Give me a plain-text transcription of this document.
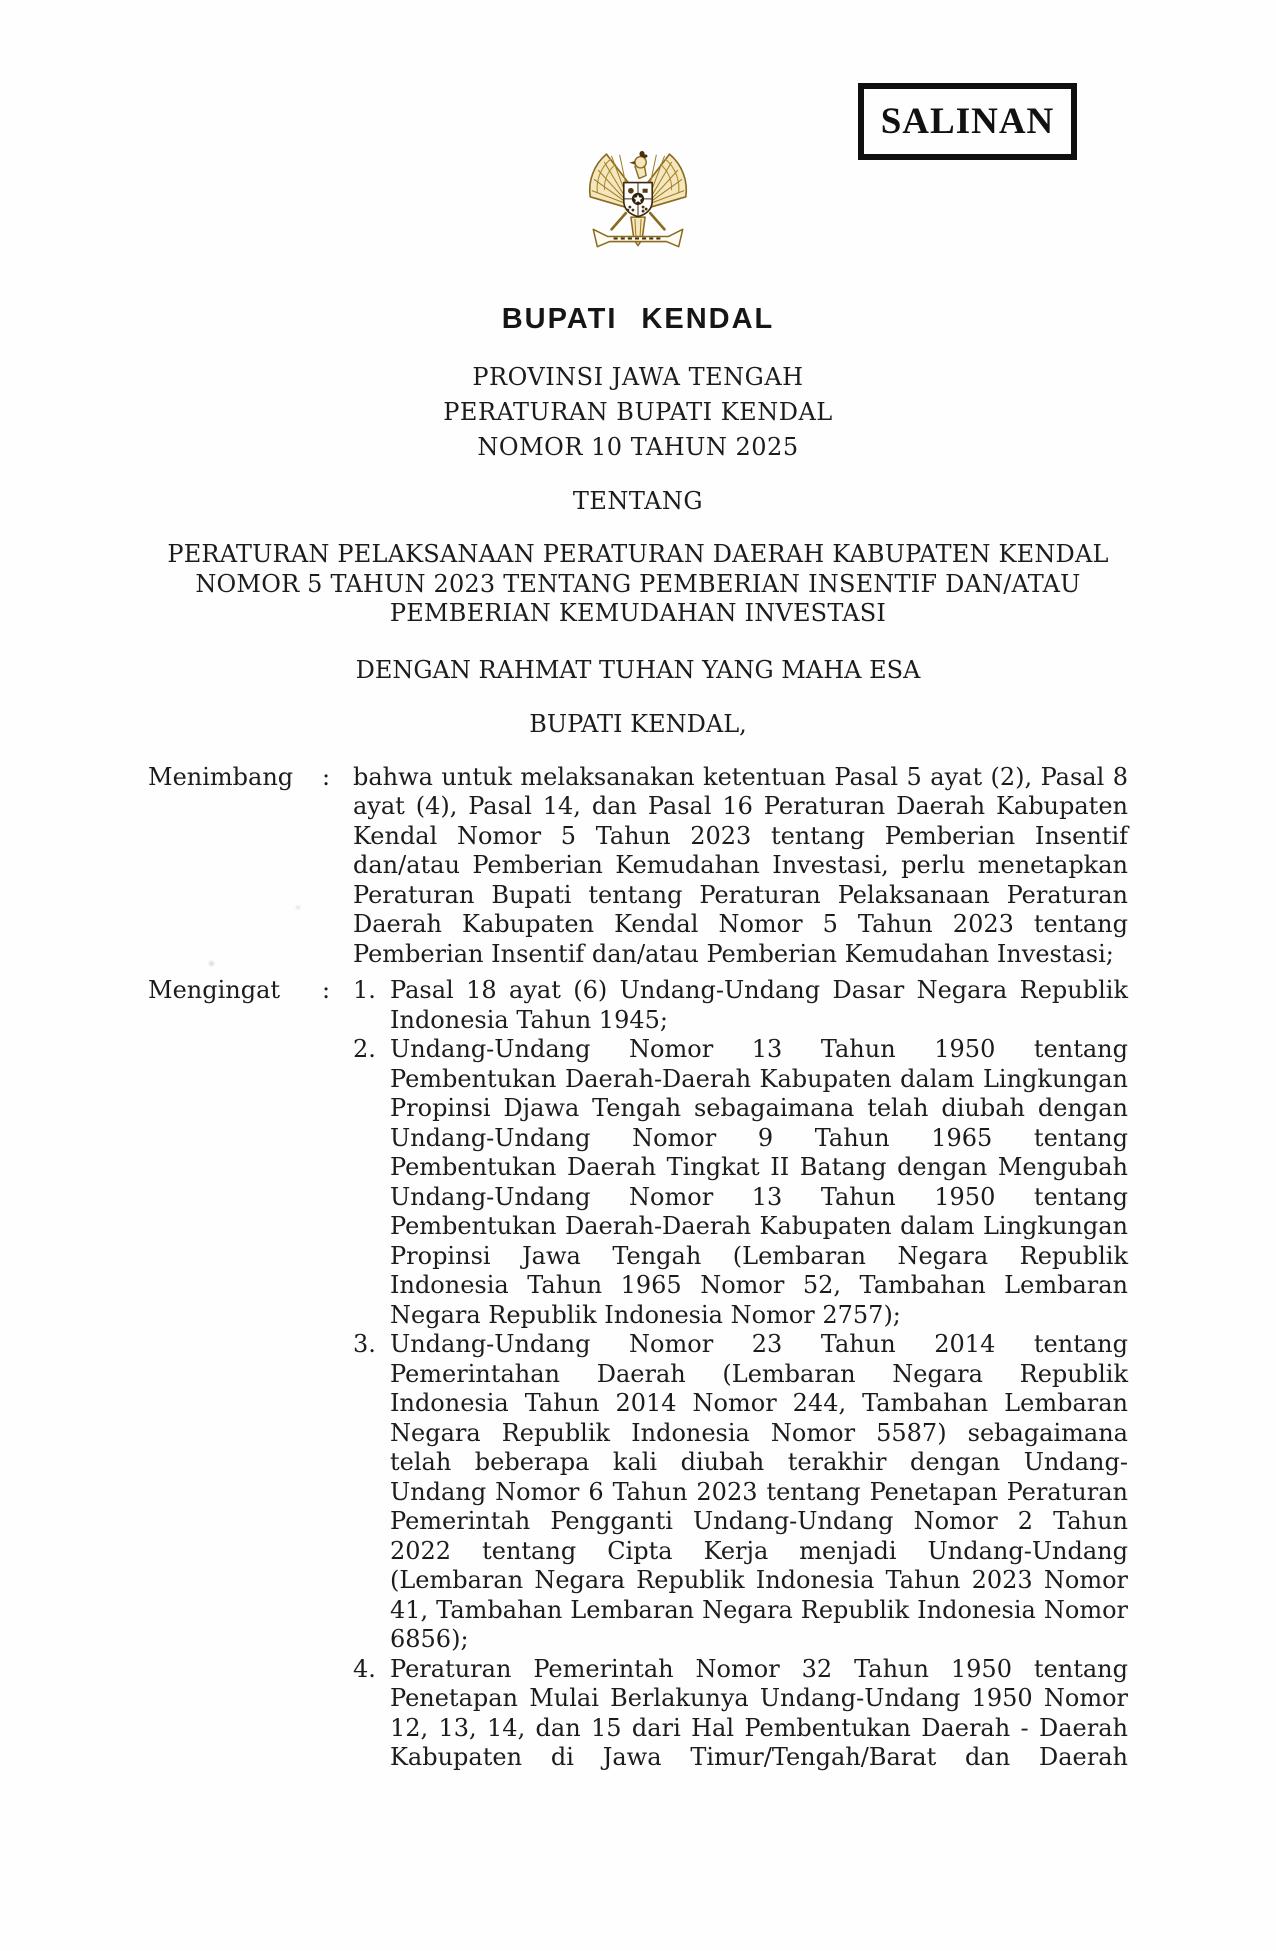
SALINAN
BUPATI KENDAL
PROVINSI JAWA TENGAH
PERATURAN BUPATI KENDAL
NOMOR 10 TAHUN 2025
TENTANG
PERATURAN PELAKSANAAN PERATURAN DAERAH KABUPATEN KENDAL
NOMOR 5 TAHUN 2023 TENTANG PEMBERIAN INSENTIF DAN/ATAU
PEMBERIAN KEMUDAHAN INVESTASI
DENGAN RAHMAT TUHAN YANG MAHA ESA
BUPATI KENDAL,
Menimbang	: bahwa untuk melaksanakan ketentuan Pasal 5 ayat (2), Pasal 8 ayat (4), Pasal 14, dan Pasal 16 Peraturan Daerah Kabupaten Kendal Nomor 5 Tahun 2023 tentang Pemberian Insentif dan/atau Pemberian Kemudahan Investasi, perlu menetapkan Peraturan Bupati tentang Peraturan Pelaksanaan Peraturan Daerah Kabupaten Kendal Nomor 5 Tahun 2023 tentang Pemberian Insentif dan/atau Pemberian Kemudahan Investasi;
Mengingat	: 1. Pasal 18 ayat (6) Undang-Undang Dasar Negara Republik Indonesia Tahun 1945;
2. Undang-Undang Nomor 13 Tahun 1950 tentang Pembentukan Daerah-Daerah Kabupaten dalam Lingkungan Propinsi Djawa Tengah sebagaimana telah diubah dengan Undang-Undang Nomor 9 Tahun 1965 tentang Pembentukan Daerah Tingkat II Batang dengan Mengubah Undang-Undang Nomor 13 Tahun 1950 tentang Pembentukan Daerah-Daerah Kabupaten dalam Lingkungan Propinsi Jawa Tengah (Lembaran Negara Republik Indonesia Tahun 1965 Nomor 52, Tambahan Lembaran Negara Republik Indonesia Nomor 2757);
3. Undang-Undang Nomor 23 Tahun 2014 tentang Pemerintahan Daerah (Lembaran Negara Republik Indonesia Tahun 2014 Nomor 244, Tambahan Lembaran Negara Republik Indonesia Nomor 5587) sebagaimana telah beberapa kali diubah terakhir dengan Undang-Undang Nomor 6 Tahun 2023 tentang Penetapan Peraturan Pemerintah Pengganti Undang-Undang Nomor 2 Tahun 2022 tentang Cipta Kerja menjadi Undang-Undang (Lembaran Negara Republik Indonesia Tahun 2023 Nomor 41, Tambahan Lembaran Negara Republik Indonesia Nomor 6856);
4. Peraturan Pemerintah Nomor 32 Tahun 1950 tentang Penetapan Mulai Berlakunya Undang-Undang 1950 Nomor 12, 13, 14, dan 15 dari Hal Pembentukan Daerah - Daerah Kabupaten di Jawa Timur/Tengah/Barat dan Daerah
